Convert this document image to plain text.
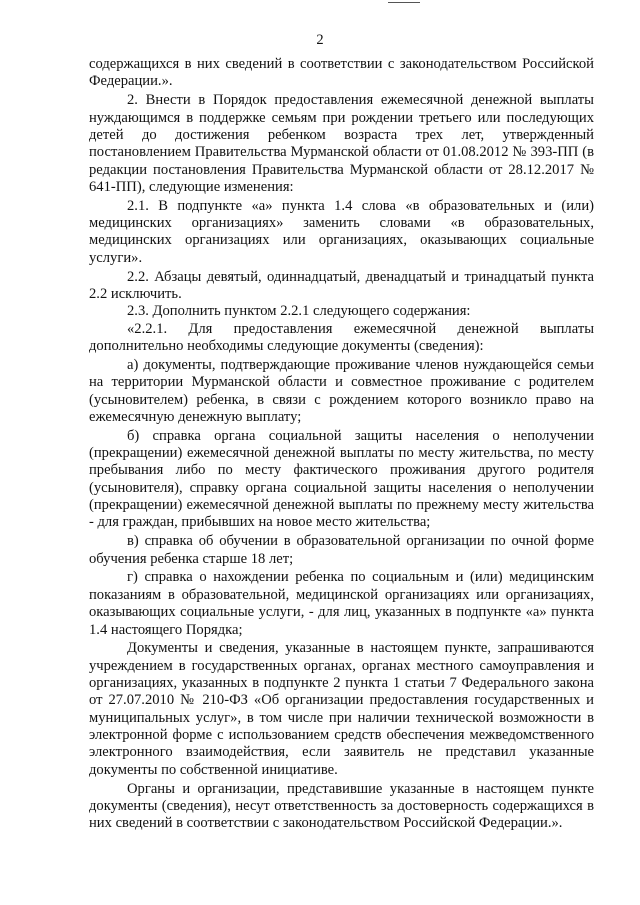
2

содержащихся в них сведений в соответствии с законодательством Российской Федерации.».

2. Внести в Порядок предоставления ежемесячной денежной выплаты нуждающимся в поддержке семьям при рождении третьего или последующих детей до достижения ребенком возраста трех лет, утвержденный постановлением Правительства Мурманской области от 01.08.2012 № 393-ПП (в редакции постановления Правительства Мурманской области от 28.12.2017 № 641-ПП), следующие изменения:

2.1. В подпункте «а» пункта 1.4 слова «в образовательных и (или) медицинских организациях» заменить словами «в образовательных, медицинских организациях или организациях, оказывающих социальные услуги».

2.2. Абзацы девятый, одиннадцатый, двенадцатый и тринадцатый пункта 2.2 исключить.

2.3. Дополнить пунктом 2.2.1 следующего содержания:

«2.2.1. Для предоставления ежемесячной денежной выплаты дополнительно необходимы следующие документы (сведения):

а) документы, подтверждающие проживание членов нуждающейся семьи на территории Мурманской области и совместное проживание с родителем (усыновителем) ребенка, в связи с рождением которого возникло право на ежемесячную денежную выплату;

б) справка органа социальной защиты населения о неполучении (прекращении) ежемесячной денежной выплаты по месту жительства, по месту пребывания либо по месту фактического проживания другого родителя (усыновителя), справку органа социальной защиты населения о неполучении (прекращении) ежемесячной денежной выплаты по прежнему месту жительства - для граждан, прибывших на новое место жительства;

в) справка об обучении в образовательной организации по очной форме обучения ребенка старше 18 лет;

г) справка о нахождении ребенка по социальным и (или) медицинским показаниям в образовательной, медицинской организациях или организациях, оказывающих социальные услуги, - для лиц, указанных в подпункте «а» пункта 1.4 настоящего Порядка;

Документы и сведения, указанные в настоящем пункте, запрашиваются учреждением в государственных органах, органах местного самоуправления и организациях, указанных в подпункте 2 пункта 1 статьи 7 Федерального закона от 27.07.2010 № 210-ФЗ «Об организации предоставления государственных и муниципальных услуг», в том числе при наличии технической возможности в электронной форме с использованием средств обеспечения межведомственного электронного взаимодействия, если заявитель не представил указанные документы по собственной инициативе.

Органы и организации, представившие указанные в настоящем пункте документы (сведения), несут ответственность за достоверность содержащихся в них сведений в соответствии с законодательством Российской Федерации.».
